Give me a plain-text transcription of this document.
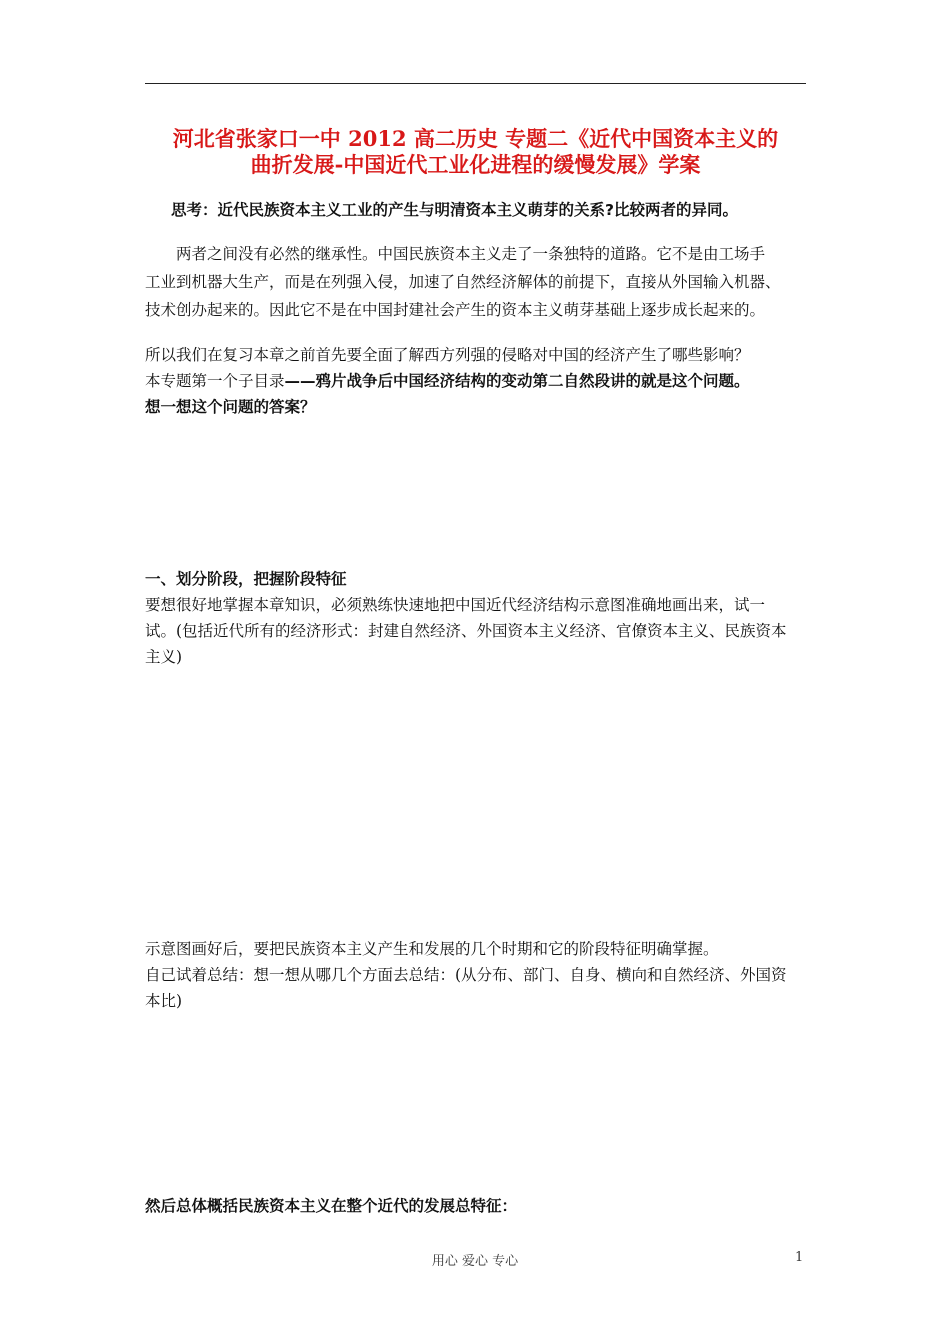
河北省张家口一中 2012 高二历史 专题二《近代中国资本主义的
曲折发展-中国近代工业化进程的缓慢发展》学案
思考：近代民族资本主义工业的产生与明清资本主义萌芽的关系?比较两者的异同。
两者之间没有必然的继承性。中国民族资本主义走了一条独特的道路。它不是由工场手
工业到机器大生产，而是在列强入侵，加速了自然经济解体的前提下，直接从外国输入机器、
技术创办起来的。因此它不是在中国封建社会产生的资本主义萌芽基础上逐步成长起来的。
所以我们在复习本章之前首先要全面了解西方列强的侵略对中国的经济产生了哪些影响？
本专题第一个子目录——鸦片战争后中国经济结构的变动第二自然段讲的就是这个问题。
想一想这个问题的答案？
一、划分阶段，把握阶段特征
要想很好地掌握本章知识，必须熟练快速地把中国近代经济结构示意图准确地画出来，试一
试。(包括近代所有的经济形式：封建自然经济、外国资本主义经济、官僚资本主义、民族资本
主义)
示意图画好后，要把民族资本主义产生和发展的几个时期和它的阶段特征明确掌握。
自己试着总结：想一想从哪几个方面去总结：(从分布、部门、自身、横向和自然经济、外国资
本比)
然后总体概括民族资本主义在整个近代的发展总特征：
用心 爱心 专心	1
